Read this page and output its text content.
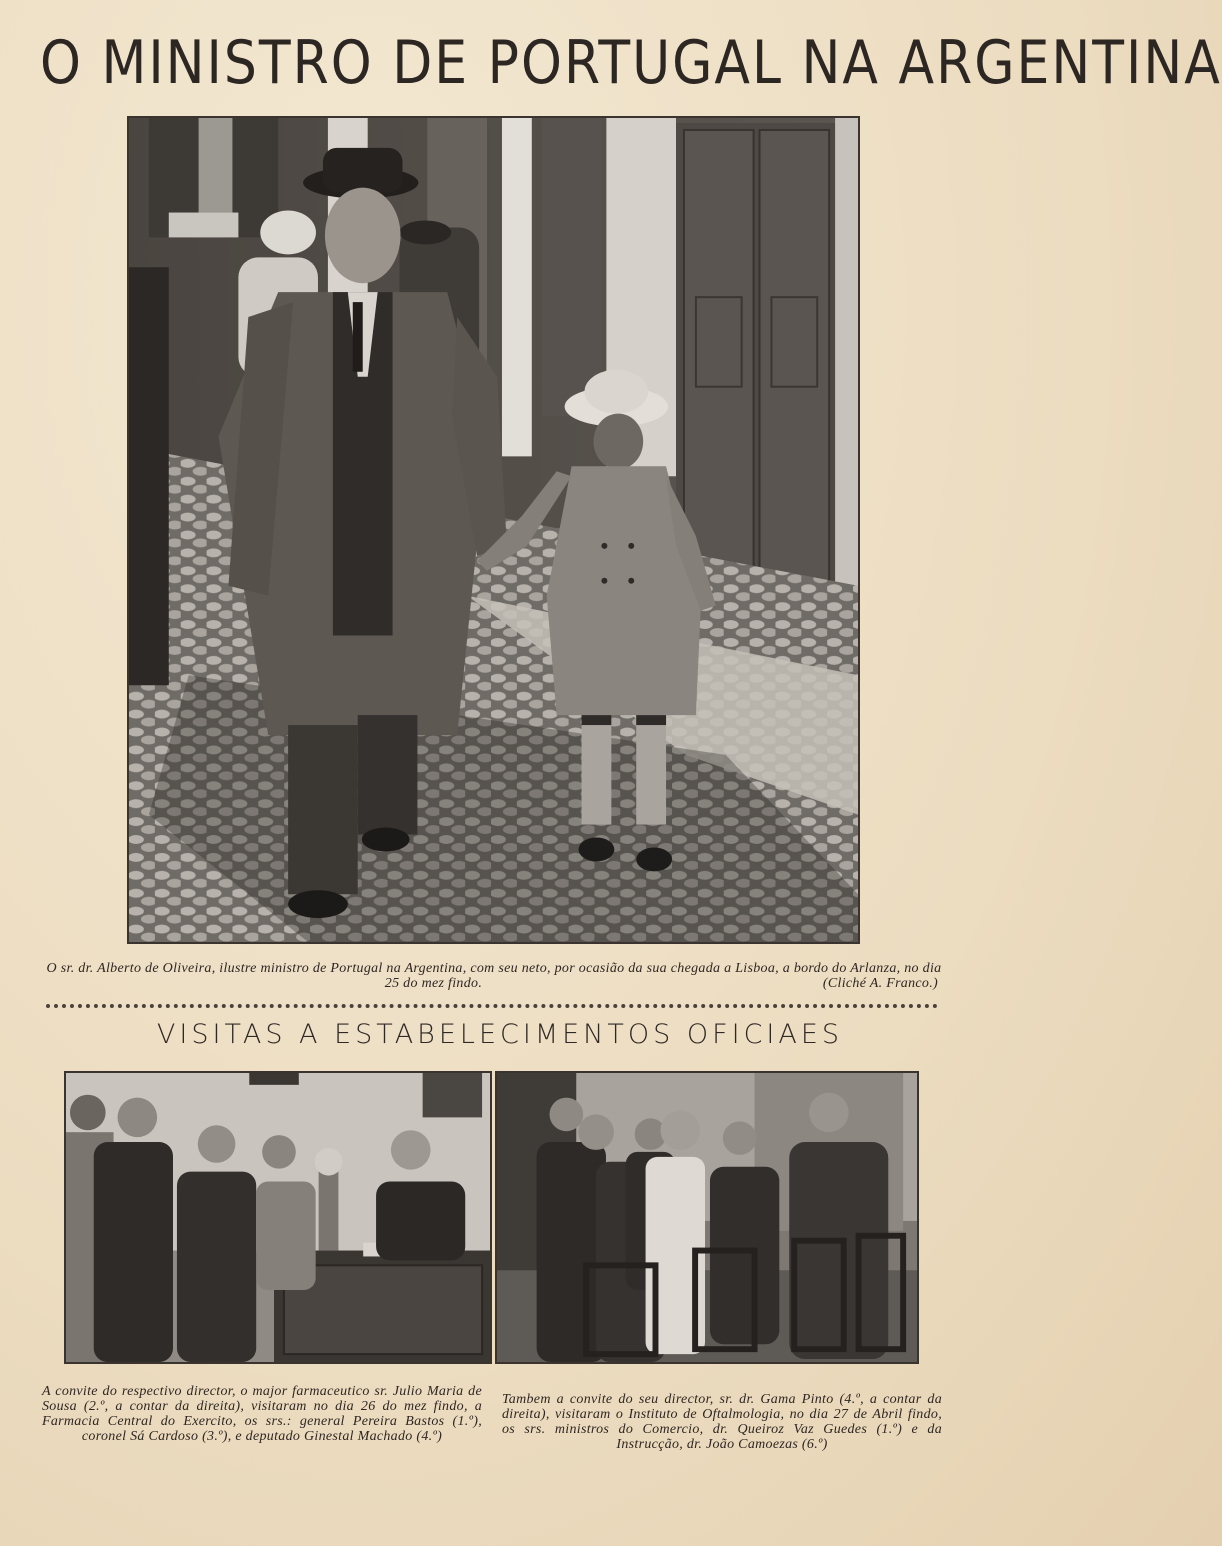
O MINISTRO DE PORTUGAL NA ARGENTINA
O sr. dr. Alberto de Oliveira, ilustre ministro de Portugal na Argentina, com seu neto, por ocasião da sua chegada a Lisboa, a bordo do Arlanza, no dia 25 do mez findo.	(Cliché A. Franco.)
VISITAS A ESTABELECIMENTOS OFICIAES
A convite do respectivo director, o major farmaceutico sr. Julio Maria de Sousa (2.º, a contar da direita), visitaram no dia 26 do mez findo, a Farmacia Central do Exercito, os srs.: general Pereira Bastos (1.º), coronel Sá Cardoso (3.º), e deputado Ginestal Machado (4.º)
Tambem a convite do seu director, sr. dr. Gama Pinto (4.º, a contar da direita), visitaram o Instituto de Oftalmologia, no dia 27 de Abril findo, os srs. ministros do Comercio, dr. Queiroz Vaz Guedes (1.º) e da Instrucção, dr. João Camoezas (6.º)
